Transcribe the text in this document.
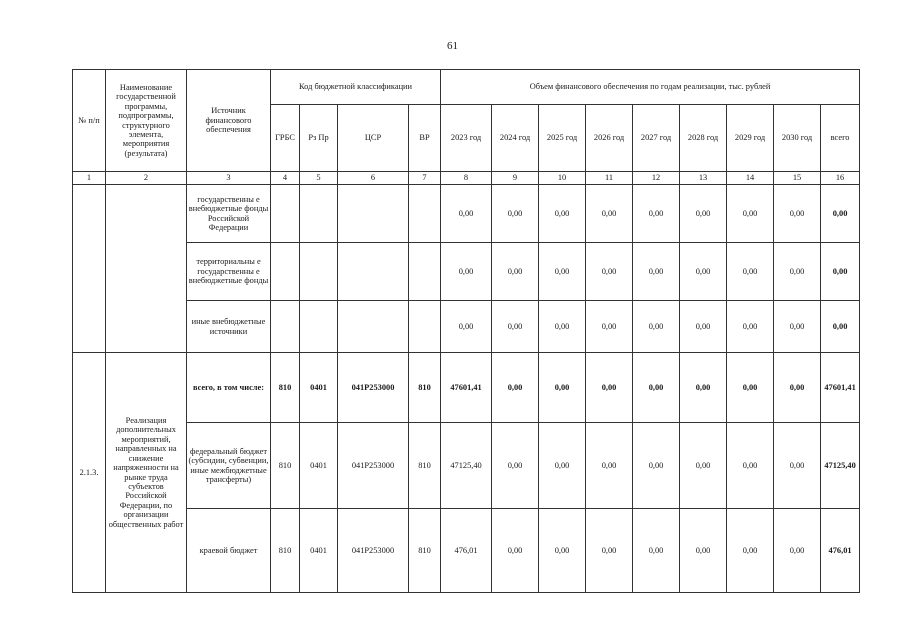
61
№ п/п	Наименование государственной программы, подпрограммы, структурного элемента, мероприятия (результата)	Источник финансового обеспечения	Код бюджетной классификации				Объем финансового обеспечения по годам реализации, тыс. рублей								
			ГРБС	Рз Пр	ЦСР	ВР	2023 год	2024 год	2025 год	2026 год	2027 год	2028 год	2029 год	2030 год	всего
1	2	3	4	5	6	7	8	9	10	11	12	13	14	15	16
		государственны е внебюджетные фонды Российской Федерации					0,00	0,00	0,00	0,00	0,00	0,00	0,00	0,00	0,00
		территориальны е государственны е внебюджетные фонды					0,00	0,00	0,00	0,00	0,00	0,00	0,00	0,00	0,00
		иные внебюджетные источники					0,00	0,00	0,00	0,00	0,00	0,00	0,00	0,00	0,00
2.1.3.	Реализация дополнительных мероприятий, направленных на снижение напряженности на рынке труда субъектов Российской Федерации, по организации общественных работ	всего, в том числе:	810	0401	041P253000	810	47601,41	0,00	0,00	0,00	0,00	0,00	0,00	0,00	47601,41
		федеральный бюджет (субсидии, субвенции, иные межбюджетные трансферты)	810	0401	041P253000	810	47125,40	0,00	0,00	0,00	0,00	0,00	0,00	0,00	47125,40
		краевой бюджет	810	0401	041P253000	810	476,01	0,00	0,00	0,00	0,00	0,00	0,00	0,00	476,01
